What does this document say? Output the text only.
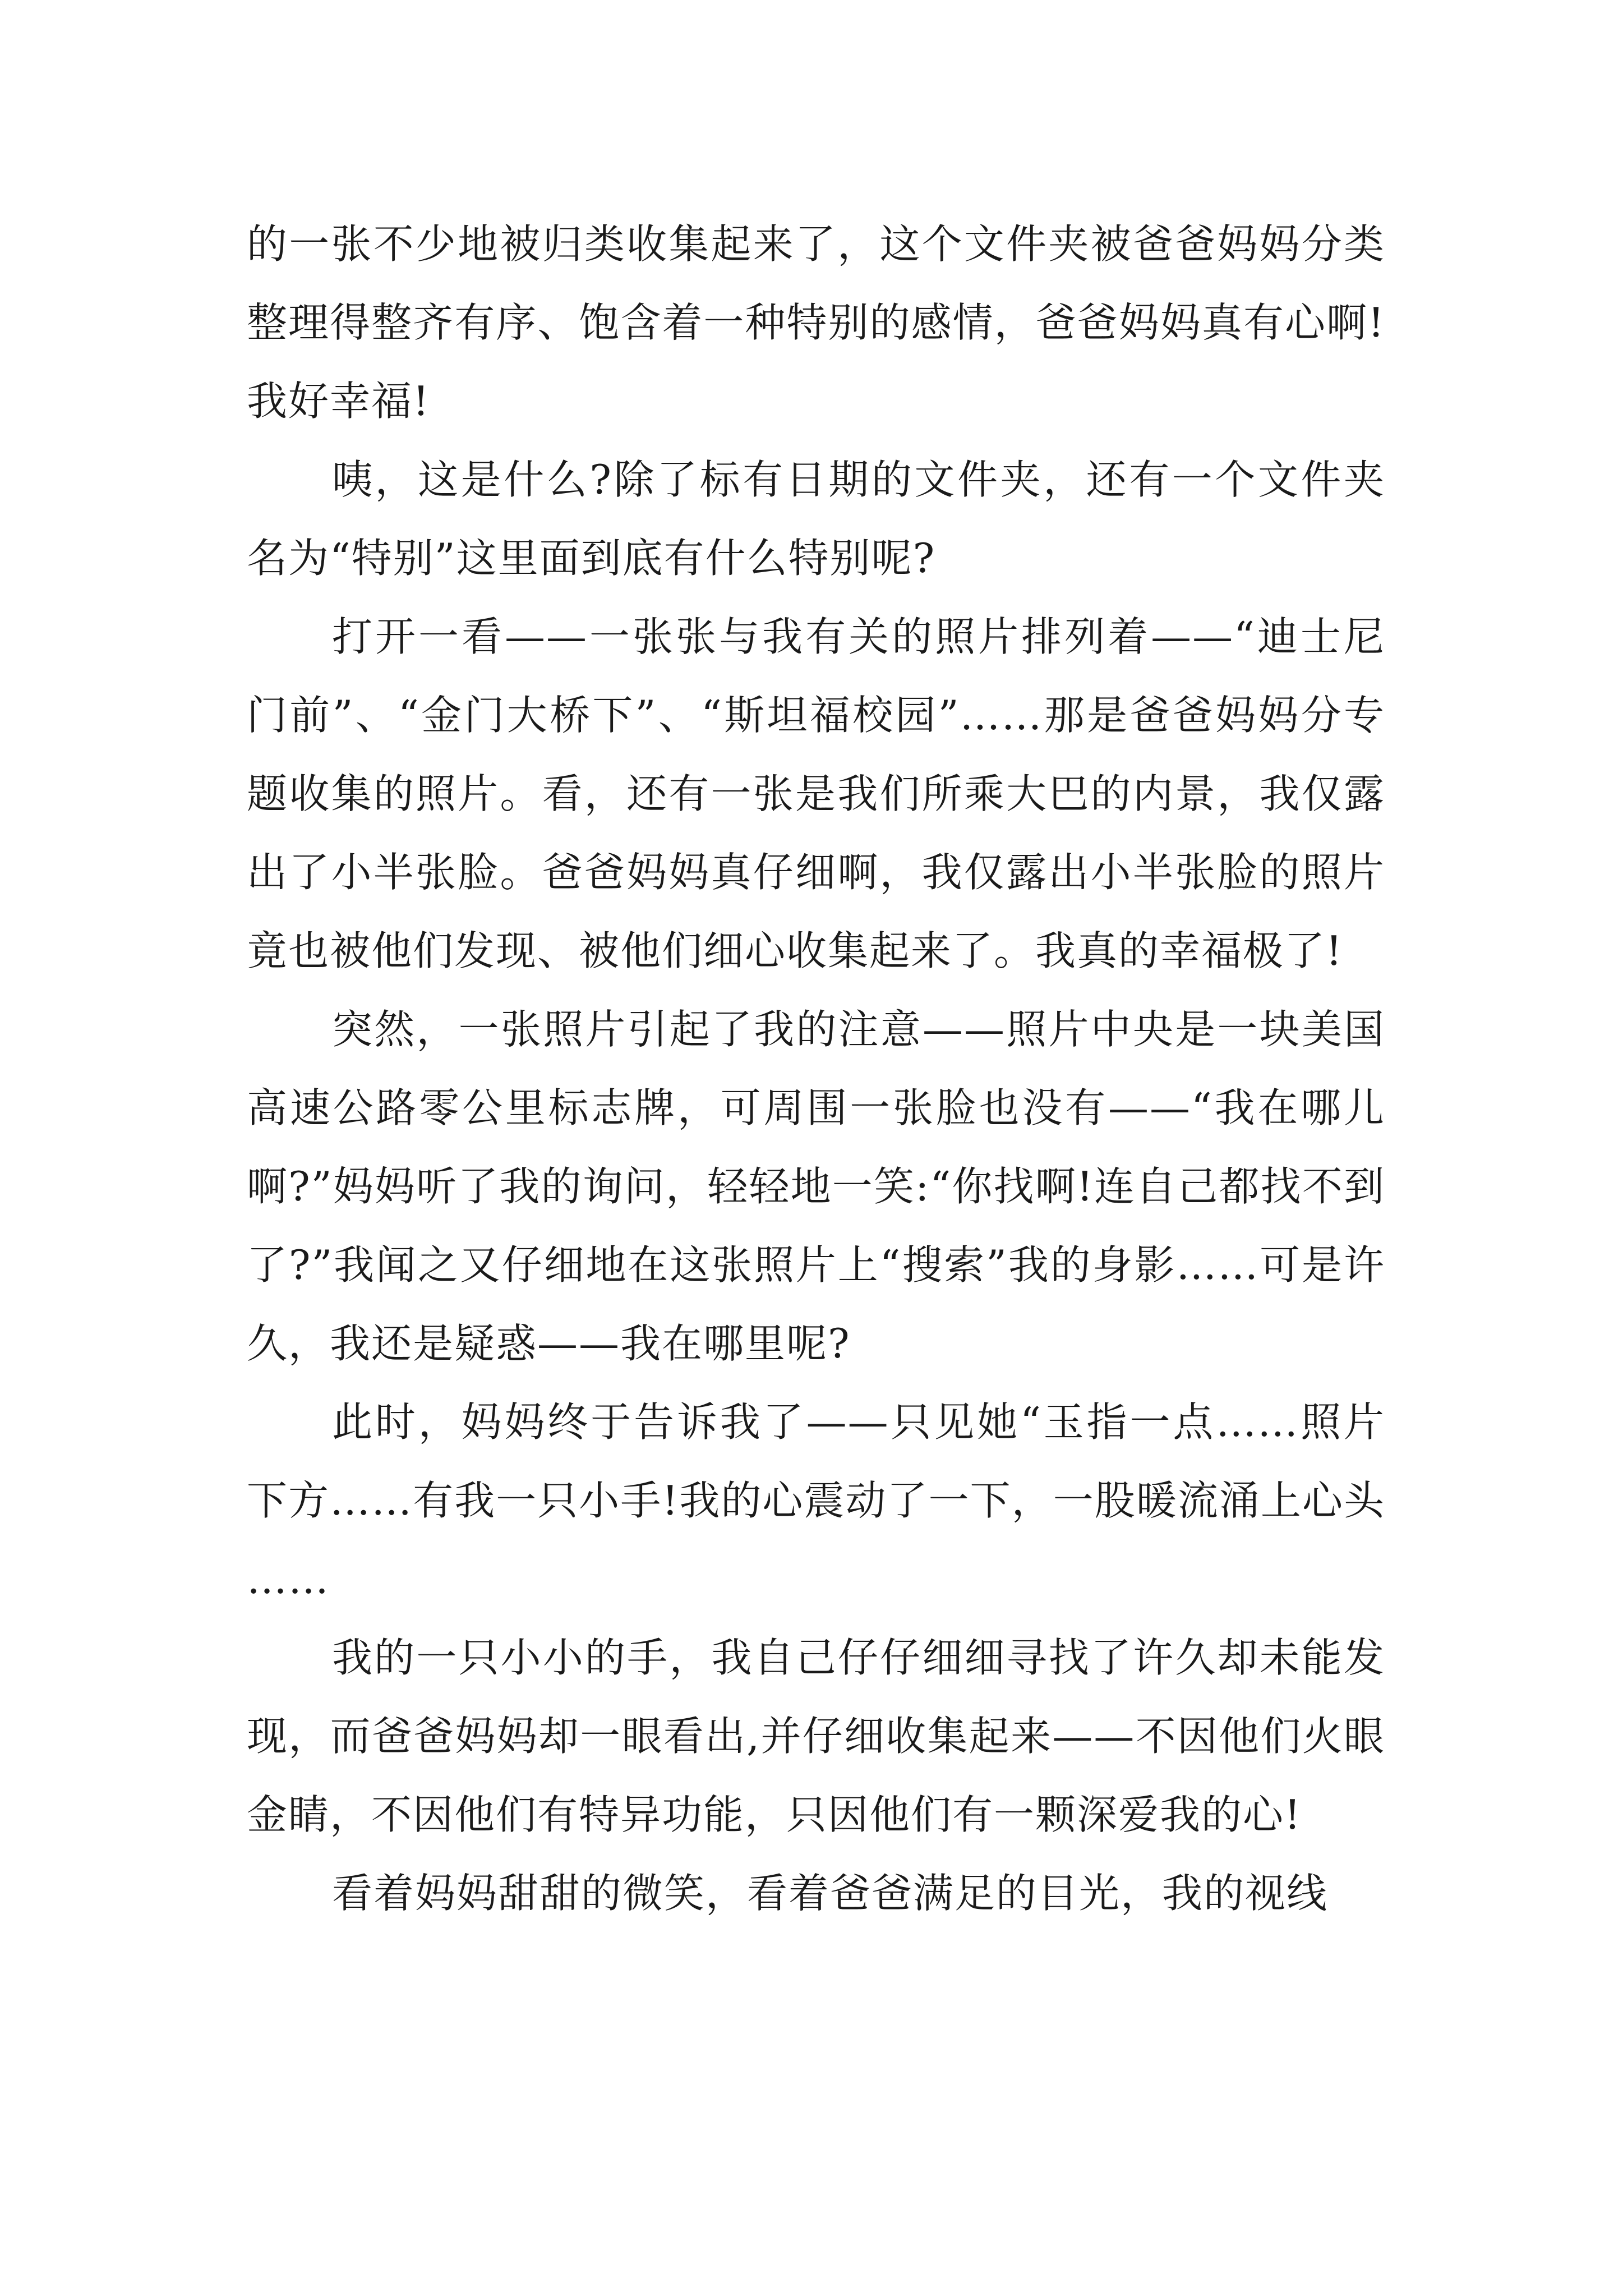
的一张不少地被归类收集起来了，这个文件夹被爸爸妈妈分类整理得整齐有序、饱含着一种特别的感情，爸爸妈妈真有心啊!我好幸福!

咦，这是什么?除了标有日期的文件夹，还有一个文件夹名为“特别”这里面到底有什么特别呢?

打开一看——一张张与我有关的照片排列着——“迪士尼门前”、“金门大桥下”、“斯坦福校园”……那是爸爸妈妈分专题收集的照片。看，还有一张是我们所乘大巴的内景，我仅露出了小半张脸。爸爸妈妈真仔细啊，我仅露出小半张脸的照片竟也被他们发现、被他们细心收集起来了。我真的幸福极了!

突然，一张照片引起了我的注意——照片中央是一块美国高速公路零公里标志牌，可周围一张脸也没有——“我在哪儿啊?”妈妈听了我的询问，轻轻地一笑:“你找啊!连自己都找不到了?”我闻之又仔细地在这张照片上“搜索”我的身影……可是许久，我还是疑惑——我在哪里呢?

此时，妈妈终于告诉我了——只见她“玉指一点……照片下方……有我一只小手!我的心震动了一下，一股暖流涌上心头……

我的一只小小的手，我自己仔仔细细寻找了许久却未能发现，而爸爸妈妈却一眼看出,并仔细收集起来——不因他们火眼金睛，不因他们有特异功能，只因他们有一颗深爱我的心!

看着妈妈甜甜的微笑，看着爸爸满足的目光，我的视线
